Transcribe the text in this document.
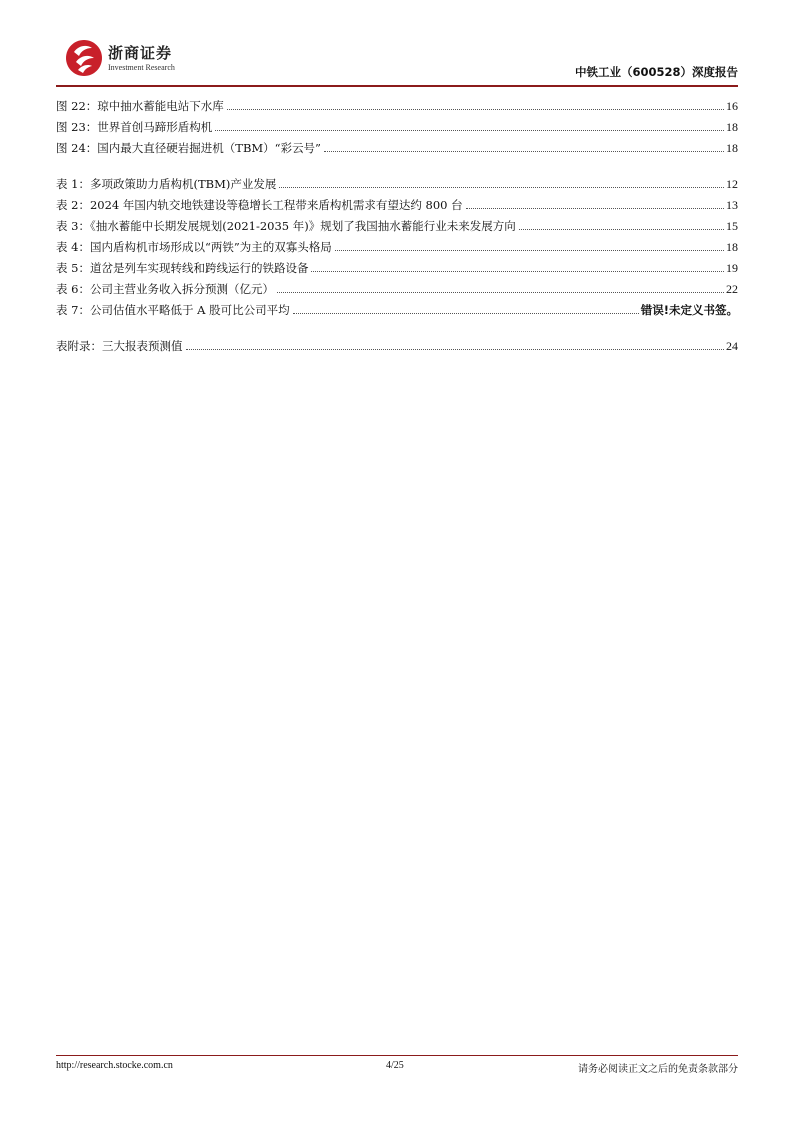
浙商证券
Investment Research	中铁工业（600528）深度报告
图 22：琼中抽水蓄能电站下水库	16
图 23：世界首创马蹄形盾构机	18
图 24：国内最大直径硬岩掘进机（TBM）“彩云号”	18
表 1：多项政策助力盾构机(TBM)产业发展	12
表 2：2024 年国内轨交地铁建设等稳增长工程带来盾构机需求有望达约 800 台	13
表 3：《抽水蓄能中长期发展规划(2021-2035 年)》规划了我国抽水蓄能行业未来发展方向	15
表 4：国内盾构机市场形成以“两铁”为主的双寡头格局	18
表 5：道岔是列车实现转线和跨线运行的铁路设备	19
表 6：公司主营业务收入拆分预测（亿元）	22
表 7：公司估值水平略低于 A 股可比公司平均	错误!未定义书签。
表附录：三大报表预测值	24
http://research.stocke.com.cn	4/25	请务必阅读正文之后的免责条款部分
